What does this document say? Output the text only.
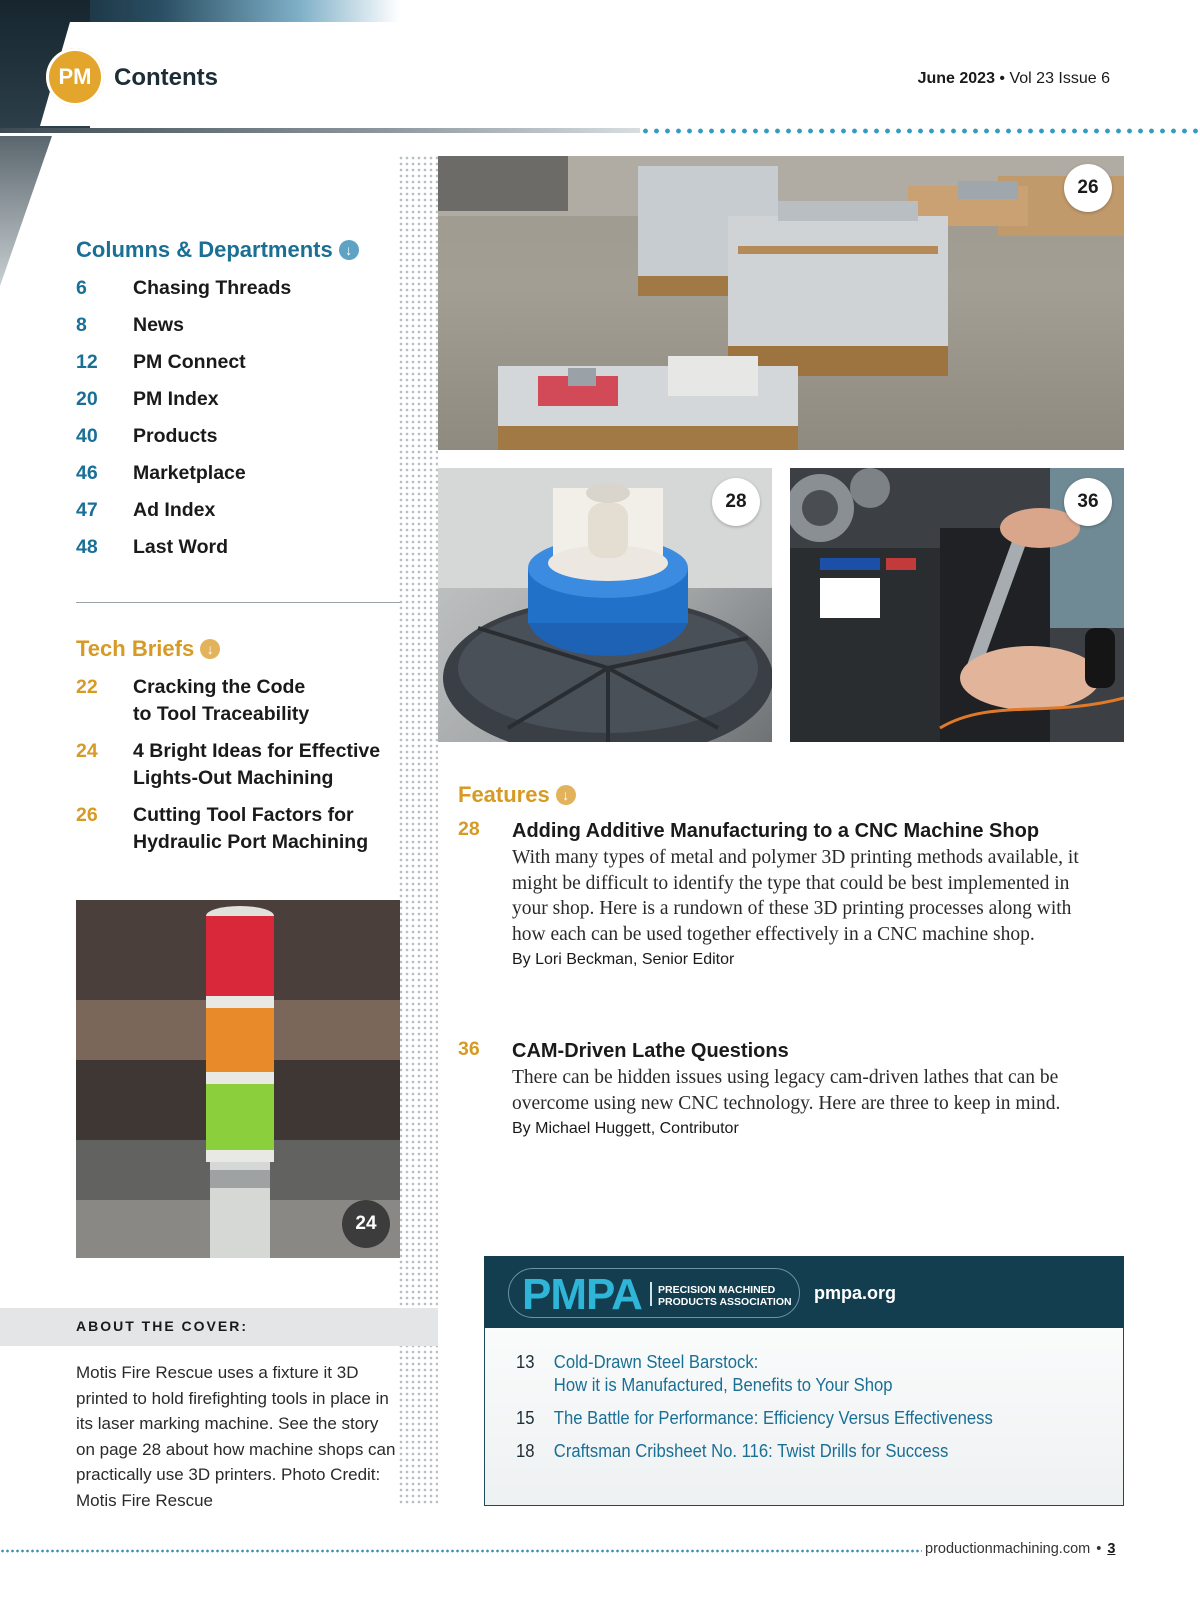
PM Contents	June 2023 • Vol 23 Issue 6
Columns & Departments ↓
6 Chasing Threads
8 News
12 PM Connect
20 PM Index
40 Products
46 Marketplace
47 Ad Index
48 Last Word
Tech Briefs ↓
22 Cracking the Code
to Tool Traceability
24 4 Bright Ideas for Effective
Lights-Out Machining
26 Cutting Tool Factors for
Hydraulic Port Machining
26
28	36
24
Features ↓
28 Adding Additive Manufacturing to a CNC Machine Shop
With many types of metal and polymer 3D printing methods available, it might be difficult to identify the type that could be best implemented in your shop. Here is a rundown of these 3D printing processes along with how each can be used together effectively in a CNC machine shop.
By Lori Beckman, Senior Editor
36 CAM-Driven Lathe Questions
There can be hidden issues using legacy cam-driven lathes that can be overcome using new CNC technology. Here are three to keep in mind.
By Michael Huggett, Contributor
ABOUT THE COVER:
Motis Fire Rescue uses a fixture it 3D printed to hold firefighting tools in place in its laser marking machine. See the story on page 28 about how machine shops can practically use 3D printers. Photo Credit: Motis Fire Rescue
PMPA PRECISION MACHINED
PRODUCTS ASSOCIATION pmpa.org
13 Cold-Drawn Steel Barstock:
How it is Manufactured, Benefits to Your Shop
15 The Battle for Performance: Efficiency Versus Effectiveness
18 Craftsman Cribsheet No. 116: Twist Drills for Success
productionmachining.com • 3
